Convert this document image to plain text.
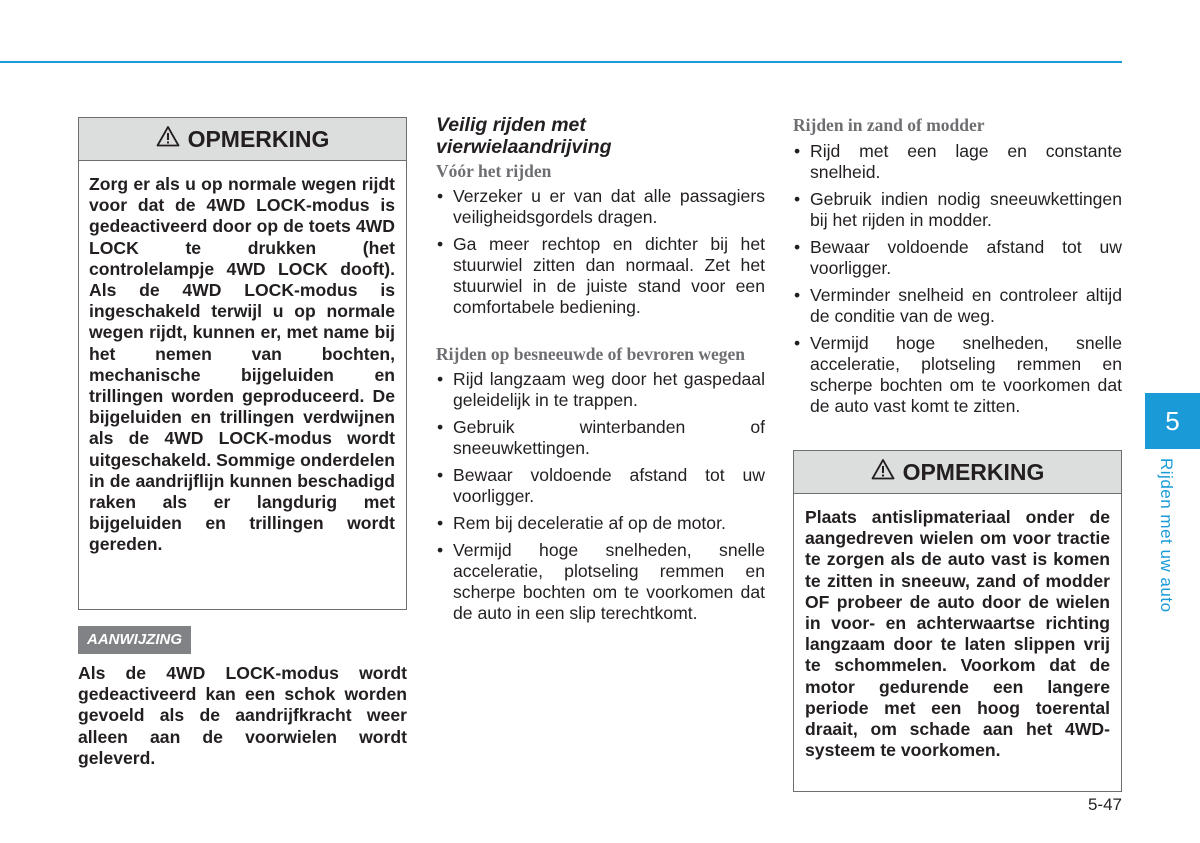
OPMERKING
Zorg er als u op normale wegen rijdt voor dat de 4WD LOCK-modus is gedeactiveerd door op de toets 4WD LOCK te drukken (het controlelampje 4WD LOCK dooft). Als de 4WD LOCK-modus is ingeschakeld terwijl u op normale wegen rijdt, kunnen er, met name bij het nemen van bochten, mechanische bijgeluiden en trillingen worden geproduceerd. De bijgeluiden en trillingen verdwijnen als de 4WD LOCK-modus wordt uitgeschakeld. Sommige onderdelen in de aandrijflijn kunnen beschadigd raken als er langdurig met bijgeluiden en trillingen wordt gereden.
AANWIJZING
Als de 4WD LOCK-modus wordt gedeactiveerd kan een schok worden gevoeld als de aandrijfkracht weer alleen aan de voorwielen wordt geleverd.

Veilig rijden met vierwielaandrijving

Vóór het rijden

• Verzeker u er van dat alle passagiers veiligheidsgordels dragen.
• Ga meer rechtop en dichter bij het stuurwiel zitten dan normaal. Zet het stuurwiel in de juiste stand voor een comfortabele bediening.

Rijden op besneeuwde of bevroren wegen

• Rijd langzaam weg door het gaspedaal geleidelijk in te trappen.
• Gebruik winterbanden of sneeuwkettingen.
• Bewaar voldoende afstand tot uw voorligger.
• Rem bij deceleratie af op de motor.
• Vermijd hoge snelheden, snelle acceleratie, plotseling remmen en scherpe bochten om te voorkomen dat de auto in een slip terechtkomt.

Rijden in zand of modder

• Rijd met een lage en constante snelheid.
• Gebruik indien nodig sneeuwkettingen bij het rijden in modder.
• Bewaar voldoende afstand tot uw voorligger.
• Verminder snelheid en controleer altijd de conditie van de weg.
• Vermijd hoge snelheden, snelle acceleratie, plotseling remmen en scherpe bochten om te voorkomen dat de auto vast komt te zitten.
OPMERKING
Plaats antislipmateriaal onder de aangedreven wielen om voor tractie te zorgen als de auto vast is komen te zitten in sneeuw, zand of modder OF probeer de auto door de wielen in voor- en achterwaartse richting langzaam door te laten slippen vrij te schommelen. Voorkom dat de motor gedurende een langere periode met een hoog toerental draait, om schade aan het 4WD-systeem te voorkomen.
5
Rijden met uw auto
5-47
